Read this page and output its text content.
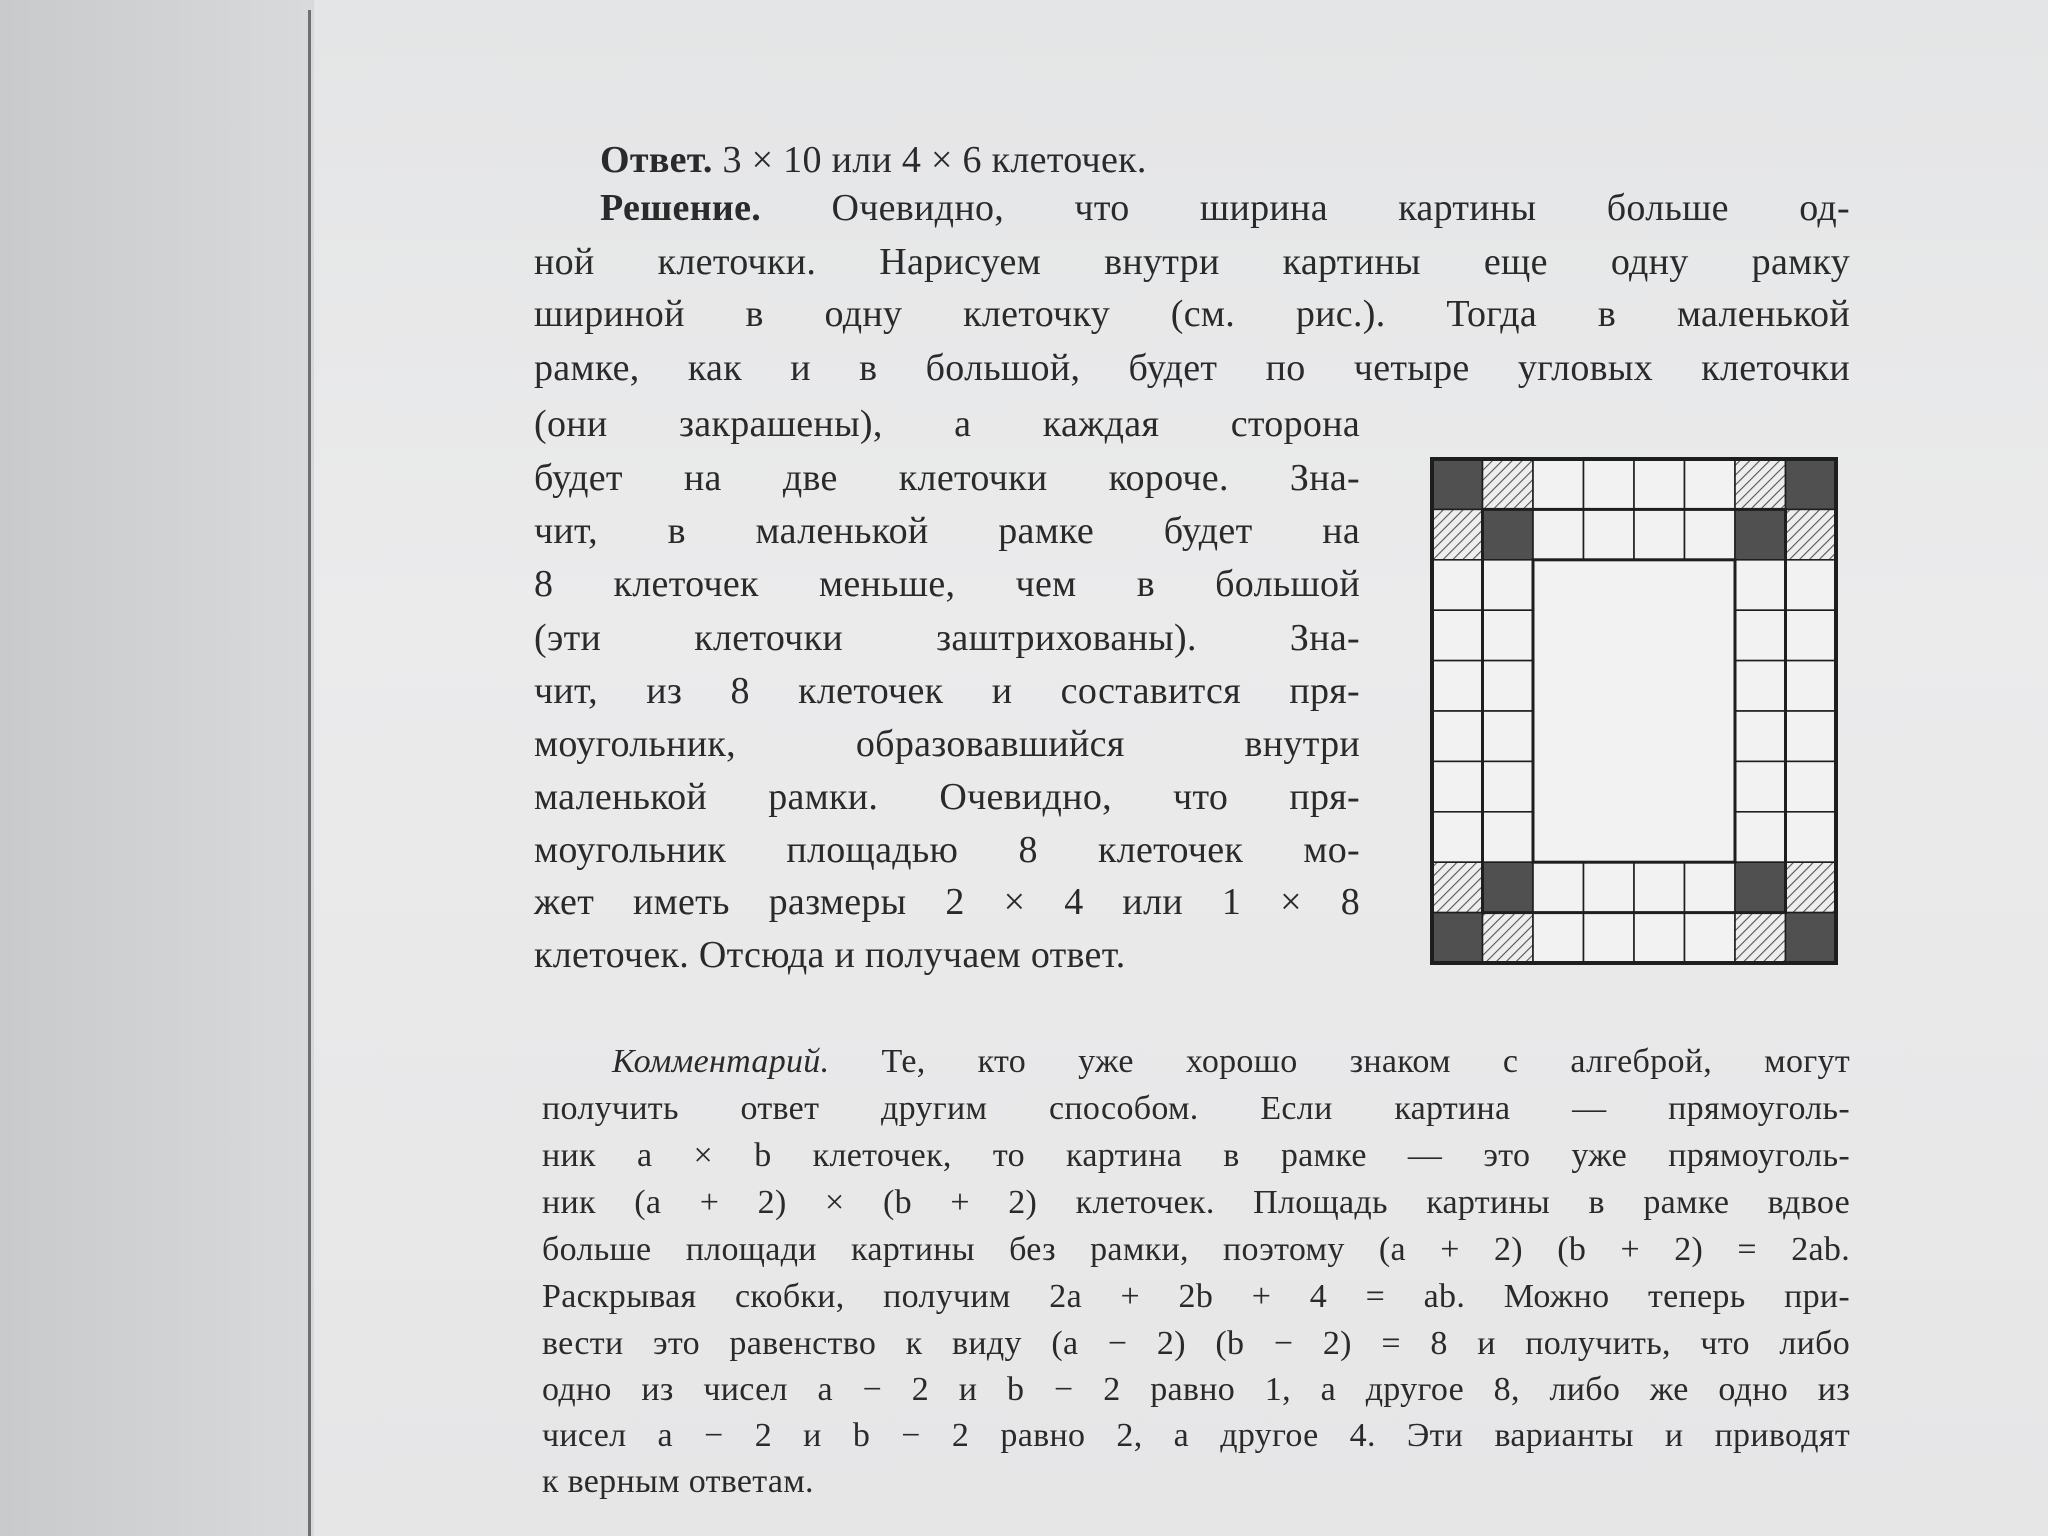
Ответ. 3 × 10 или 4 × 6 клеточек.
Решение. Очевидно, что ширина картины больше од-
ной клеточки. Нарисуем внутри картины еще одну рамку
шириной в одну клеточку (см. рис.). Тогда в маленькой
рамке, как и в большой, будет по четыре угловых клеточки
(они закрашены), а каждая сторона
будет на две клеточки короче. Зна-
чит, в маленькой рамке будет на
8 клеточек меньше, чем в большой
(эти клеточки заштрихованы). Зна-
чит, из 8 клеточек и составится пря-
моугольник, образовавшийся внутри
маленькой рамки. Очевидно, что пря-
моугольник площадью 8 клеточек мо-
жет иметь размеры 2 × 4 или 1 × 8
клеточек. Отсюда и получаем ответ.
Комментарий. Те, кто уже хорошо знаком с алгеброй, могут
получить ответ другим способом. Если картина — прямоуголь-
ник a × b клеточек, то картина в рамке — это уже прямоуголь-
ник (a + 2) × (b + 2) клеточек. Площадь картины в рамке вдвое
больше площади картины без рамки, поэтому (a + 2) (b + 2) = 2ab.
Раскрывая скобки, получим 2a + 2b + 4 = ab. Можно теперь при-
вести это равенство к виду (a − 2) (b − 2) = 8 и получить, что либо
одно из чисел a − 2 и b − 2 равно 1, а другое 8, либо же одно из
чисел a − 2 и b − 2 равно 2, а другое 4. Эти варианты и приводят
к верным ответам.
